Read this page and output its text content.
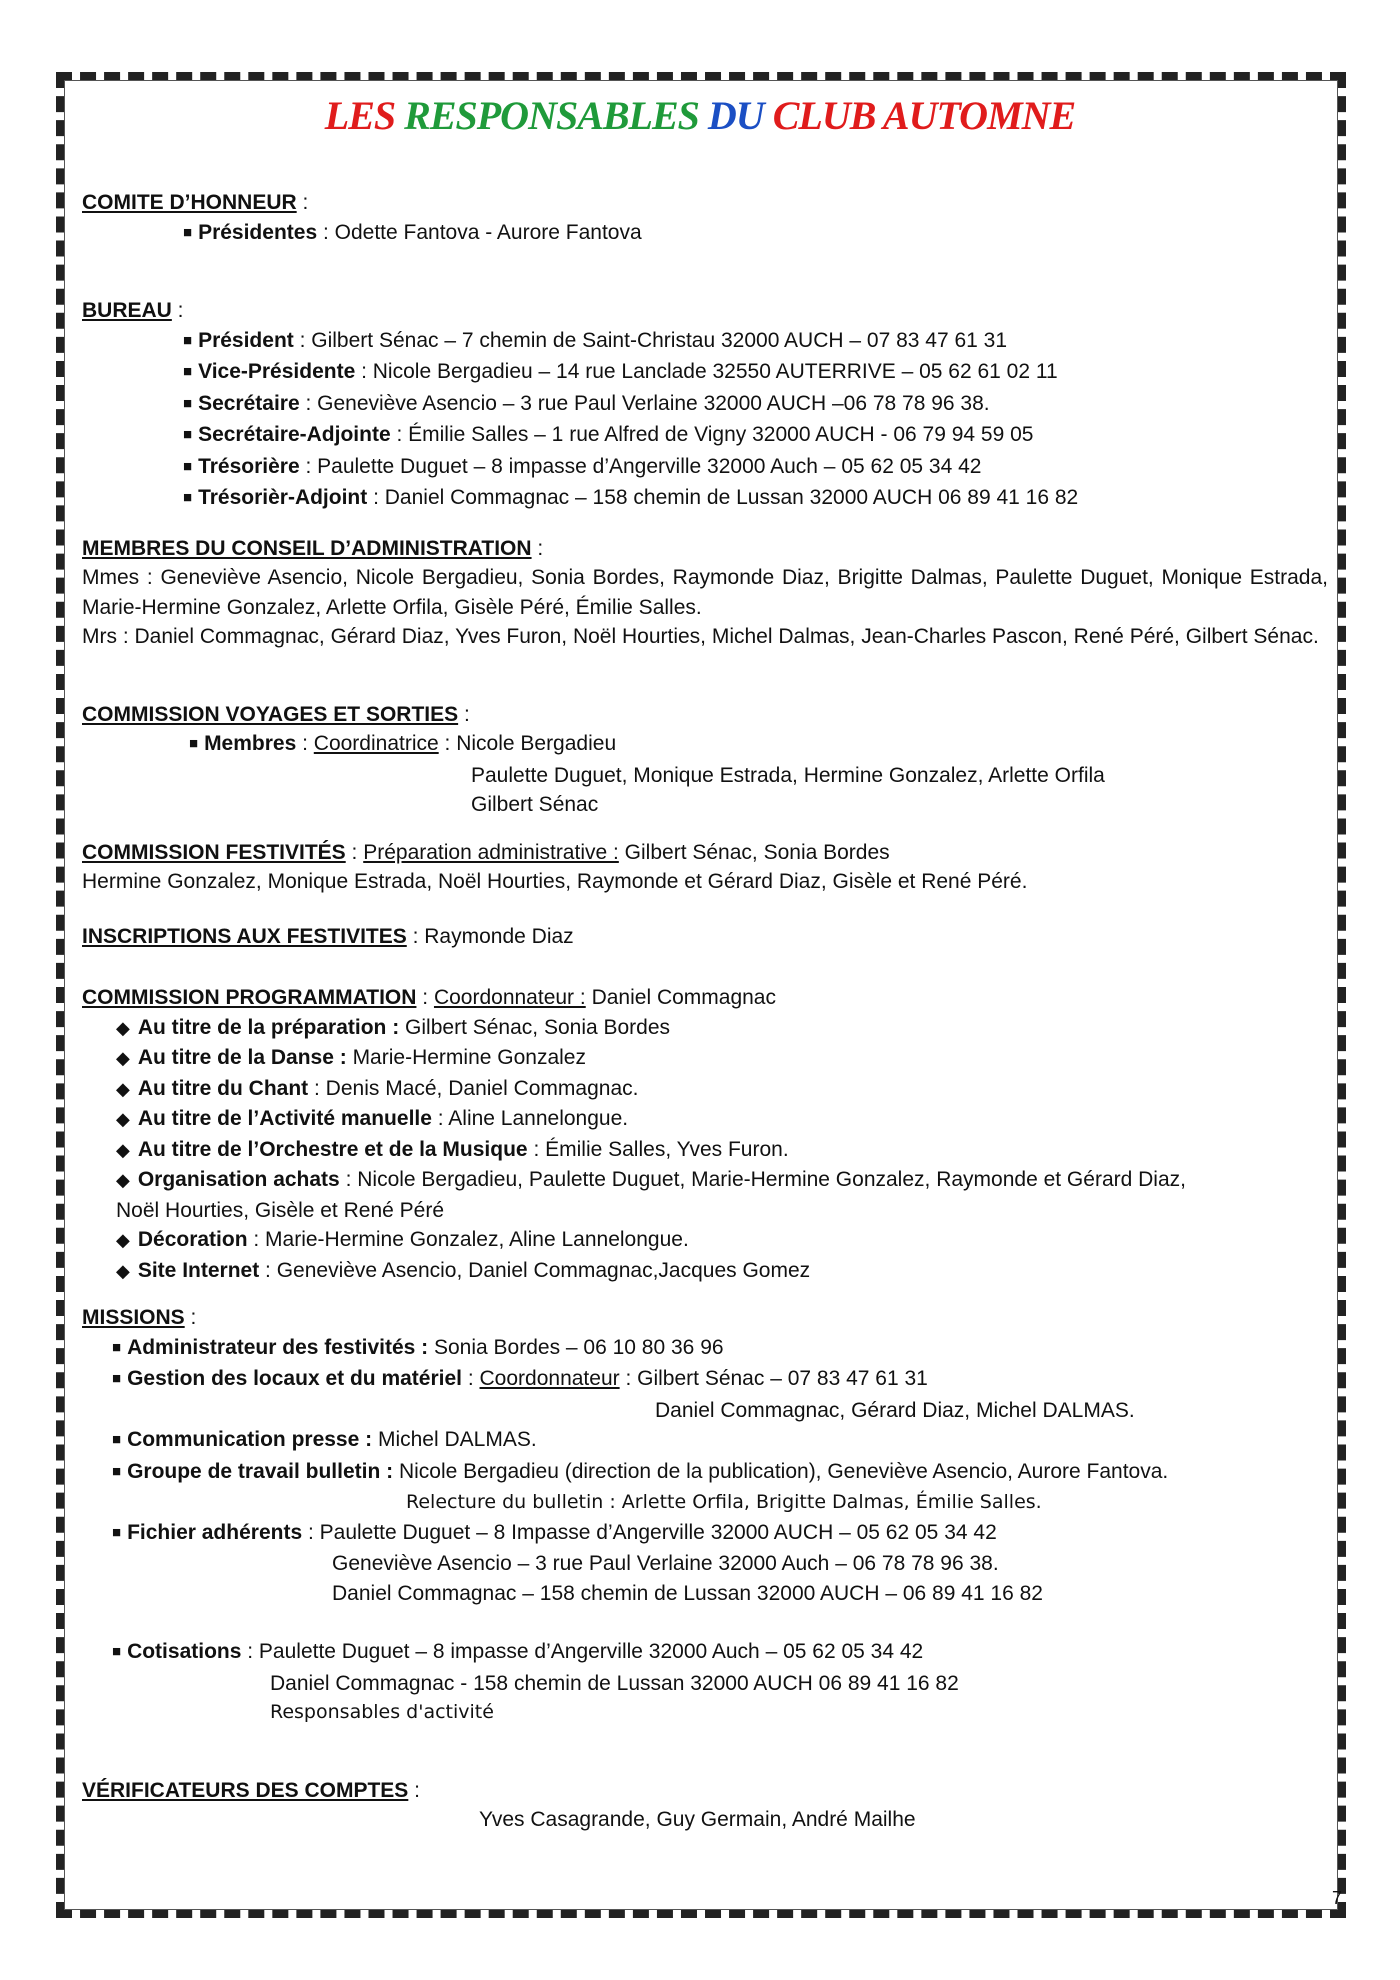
LES RESPONSABLES DU CLUB AUTOMNE
COMITE D’HONNEUR :
■ Présidentes : Odette Fantova - Aurore Fantova
BUREAU :
■ Président : Gilbert Sénac – 7 chemin de Saint-Christau 32000 AUCH – 07 83 47 61 31
■ Vice-Présidente : Nicole Bergadieu – 14 rue Lanclade 32550 AUTERRIVE – 05 62 61 02 11
■ Secrétaire : Geneviève Asencio – 3 rue Paul Verlaine 32000 AUCH –06 78 78 96 38.
■ Secrétaire-Adjointe : Émilie Salles – 1 rue Alfred de Vigny 32000 AUCH - 06 79 94 59 05
■ Trésorière : Paulette Duguet – 8 impasse d’Angerville 32000 Auch – 05 62 05 34 42
■ Trésorièr-Adjoint : Daniel Commagnac – 158 chemin de Lussan 32000 AUCH 06 89 41 16 82
MEMBRES DU CONSEIL D’ADMINISTRATION :
Mmes : Geneviève Asencio, Nicole Bergadieu, Sonia Bordes, Raymonde Diaz, Brigitte Dalmas, Paulette Duguet, Monique Estrada, Marie-Hermine Gonzalez, Arlette Orfila, Gisèle Péré, Émilie Salles.
Mrs : Daniel Commagnac, Gérard Diaz, Yves Furon, Noël Hourties, Michel Dalmas, Jean-Charles Pascon, René Péré, Gilbert Sénac.
COMMISSION VOYAGES ET SORTIES :
■ Membres : Coordinatrice : Nicole Bergadieu
Paulette Duguet, Monique Estrada, Hermine Gonzalez, Arlette Orfila
Gilbert Sénac
COMMISSION FESTIVITÉS : Préparation administrative : Gilbert Sénac, Sonia Bordes
Hermine Gonzalez, Monique Estrada, Noël Hourties, Raymonde et Gérard Diaz, Gisèle et René Péré.
INSCRIPTIONS AUX FESTIVITES : Raymonde Diaz
COMMISSION PROGRAMMATION : Coordonnateur : Daniel Commagnac
◆ Au titre de la préparation : Gilbert Sénac, Sonia Bordes
◆ Au titre de la Danse : Marie-Hermine Gonzalez
◆ Au titre du Chant : Denis Macé, Daniel Commagnac.
◆ Au titre de l’Activité manuelle : Aline Lannelongue.
◆ Au titre de l’Orchestre et de la Musique : Émilie Salles, Yves Furon.
◆ Organisation achats : Nicole Bergadieu, Paulette Duguet, Marie-Hermine Gonzalez, Raymonde et Gérard Diaz,
Noël Hourties, Gisèle et René Péré
◆ Décoration : Marie-Hermine Gonzalez, Aline Lannelongue.
◆ Site Internet : Geneviève Asencio, Daniel Commagnac,Jacques Gomez
MISSIONS :
■ Administrateur des festivités : Sonia Bordes – 06 10 80 36 96
■ Gestion des locaux et du matériel : Coordonnateur : Gilbert Sénac – 07 83 47 61 31
Daniel Commagnac, Gérard Diaz, Michel DALMAS.
■ Communication presse : Michel DALMAS.
■ Groupe de travail bulletin : Nicole Bergadieu (direction de la publication), Geneviève Asencio, Aurore Fantova.
Relecture du bulletin : Arlette Orfila, Brigitte Dalmas, Émilie Salles.
■ Fichier adhérents : Paulette Duguet – 8 Impasse d’Angerville 32000 AUCH – 05 62 05 34 42
Geneviève Asencio – 3 rue Paul Verlaine 32000 Auch – 06 78 78 96 38.
Daniel Commagnac – 158 chemin de Lussan 32000 AUCH – 06 89 41 16 82
■ Cotisations : Paulette Duguet – 8 impasse d’Angerville 32000 Auch – 05 62 05 34 42
Daniel Commagnac - 158 chemin de Lussan 32000 AUCH 06 89 41 16 82
Responsables d'activité
VÉRIFICATEURS DES COMPTES :
Yves Casagrande, Guy Germain, André Mailhe
7
